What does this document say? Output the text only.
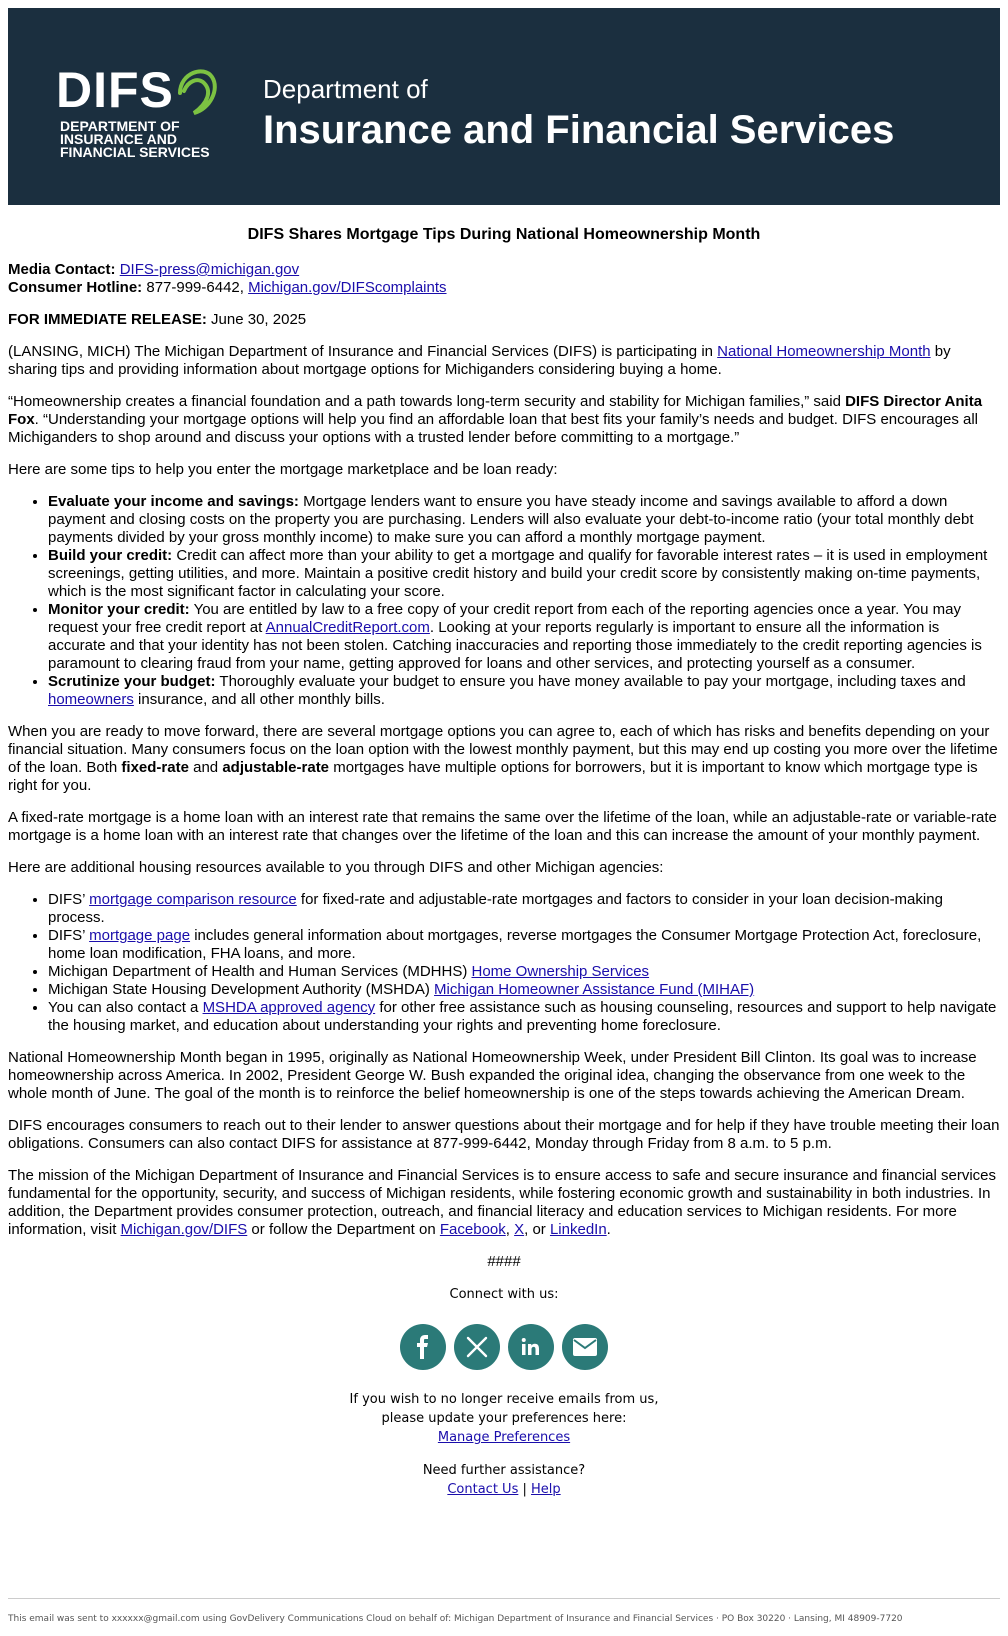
DIFS
DEPARTMENT OF INSURANCE AND FINANCIAL SERVICES
Department of
Insurance and Financial Services
DIFS Shares Mortgage Tips During National Homeownership Month

Media Contact: DIFS-press@michigan.gov

Consumer Hotline: 877-999-6442, Michigan.gov/DIFScomplaints

FOR IMMEDIATE RELEASE: June 30, 2025

(LANSING, MICH) The Michigan Department of Insurance and Financial Services (DIFS) is participating in National Homeownership Month by sharing tips and providing information about mortgage options for Michiganders considering buying a home.

“Homeownership creates a financial foundation and a path towards long-term security and stability for Michigan families,” said DIFS Director Anita Fox. “Understanding your mortgage options will help you find an affordable loan that best fits your family’s needs and budget. DIFS encourages all Michiganders to shop around and discuss your options with a trusted lender before committing to a mortgage.”

Here are some tips to help you enter the mortgage marketplace and be loan ready:

• Evaluate your income and savings: Mortgage lenders want to ensure you have steady income and savings available to afford a down payment and closing costs on the property you are purchasing. Lenders will also evaluate your debt-to-income ratio (your total monthly debt payments divided by your gross monthly income) to make sure you can afford a monthly mortgage payment.
• Build your credit: Credit can affect more than your ability to get a mortgage and qualify for favorable interest rates – it is used in employment screenings, getting utilities, and more. Maintain a positive credit history and build your credit score by consistently making on-time payments, which is the most significant factor in calculating your score.
• Monitor your credit: You are entitled by law to a free copy of your credit report from each of the reporting agencies once a year. You may request your free credit report at AnnualCreditReport.com. Looking at your reports regularly is important to ensure all the information is accurate and that your identity has not been stolen. Catching inaccuracies and reporting those immediately to the credit reporting agencies is paramount to clearing fraud from your name, getting approved for loans and other services, and protecting yourself as a consumer.
• Scrutinize your budget: Thoroughly evaluate your budget to ensure you have money available to pay your mortgage, including taxes and homeowners insurance, and all other monthly bills.

When you are ready to move forward, there are several mortgage options you can agree to, each of which has risks and benefits depending on your financial situation. Many consumers focus on the loan option with the lowest monthly payment, but this may end up costing you more over the lifetime of the loan. Both fixed-rate and adjustable-rate mortgages have multiple options for borrowers, but it is important to know which mortgage type is right for you.

A fixed-rate mortgage is a home loan with an interest rate that remains the same over the lifetime of the loan, while an adjustable-rate or variable-rate mortgage is a home loan with an interest rate that changes over the lifetime of the loan and this can increase the amount of your monthly payment.

Here are additional housing resources available to you through DIFS and other Michigan agencies:

• DIFS’ mortgage comparison resource for fixed-rate and adjustable-rate mortgages and factors to consider in your loan decision-making process.
• DIFS’ mortgage page includes general information about mortgages, reverse mortgages the Consumer Mortgage Protection Act, foreclosure, home loan modification, FHA loans, and more.
• Michigan Department of Health and Human Services (MDHHS) Home Ownership Services
• Michigan State Housing Development Authority (MSHDA) Michigan Homeowner Assistance Fund (MIHAF)
• You can also contact a MSHDA approved agency for other free assistance such as housing counseling, resources and support to help navigate the housing market, and education about understanding your rights and preventing home foreclosure.

National Homeownership Month began in 1995, originally as National Homeownership Week, under President Bill Clinton. Its goal was to increase homeownership across America. In 2002, President George W. Bush expanded the original idea, changing the observance from one week to the whole month of June. The goal of the month is to reinforce the belief homeownership is one of the steps towards achieving the American Dream.

DIFS encourages consumers to reach out to their lender to answer questions about their mortgage and for help if they have trouble meeting their loan obligations. Consumers can also contact DIFS for assistance at 877-999-6442, Monday through Friday from 8 a.m. to 5 p.m.

The mission of the Michigan Department of Insurance and Financial Services is to ensure access to safe and secure insurance and financial services fundamental for the opportunity, security, and success of Michigan residents, while fostering economic growth and sustainability in both industries. In addition, the Department provides consumer protection, outreach, and financial literacy and education services to Michigan residents. For more information, visit Michigan.gov/DIFS or follow the Department on Facebook, X, or LinkedIn.

####

Connect with us:
If you wish to no longer receive emails from us,
please update your preferences here:
Manage Preferences
Need further assistance?
Contact Us | Help
This email was sent to xxxxxx@gmail.com using GovDelivery Communications Cloud on behalf of: Michigan Department of Insurance and Financial Services · PO Box 30220 · Lansing, MI 48909-7720
